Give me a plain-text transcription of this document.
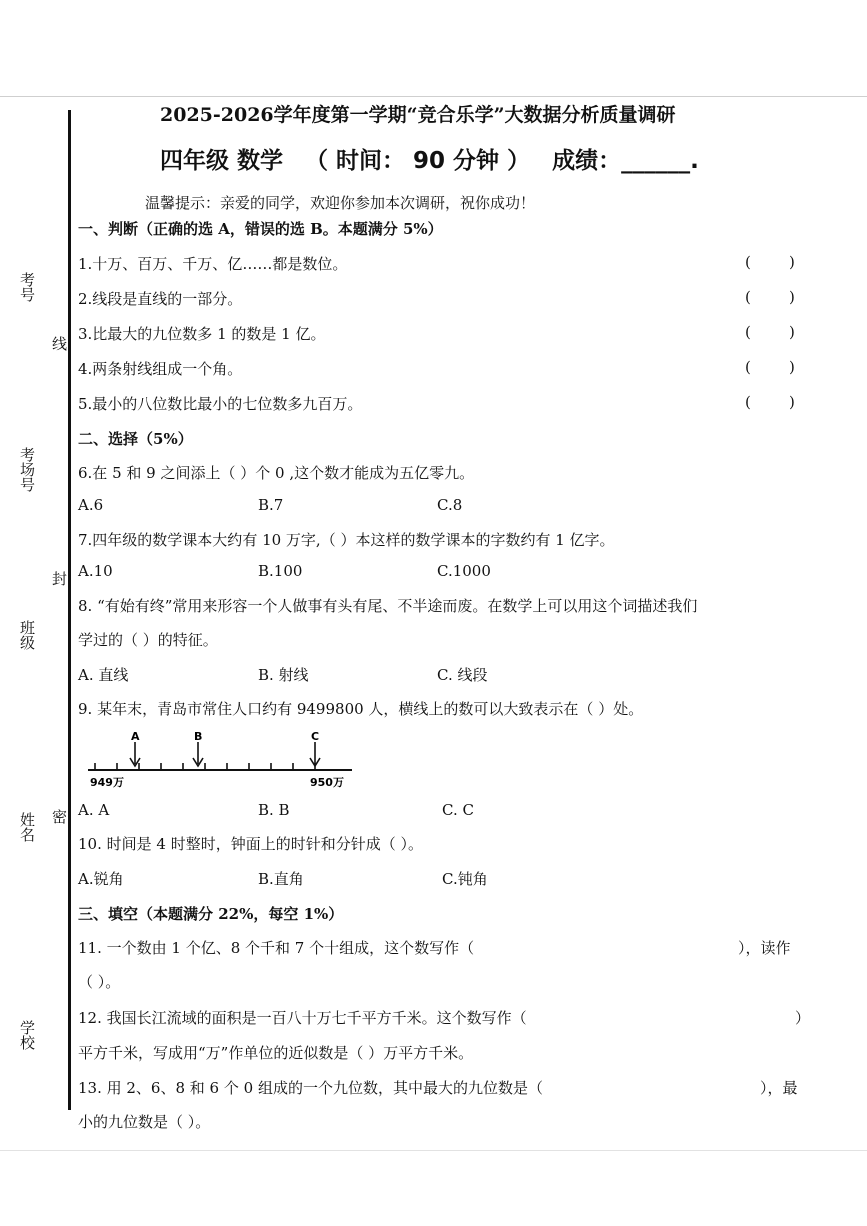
考号
考场号
班级
姓名
学校
线
封
密
2025-2026学年度第一学期“竞合乐学”大数据分析质量调研
四年级 数学 （ 时间： 90 分钟 ） 成绩：______.
温馨提示：亲爱的同学，欢迎你参加本次调研，祝你成功！
一、判断（正确的选 A，错误的选 B。本题满分 5%）
1.十万、百万、千万、亿……都是数位。
2.线段是直线的一部分。
3.比最大的九位数多 1 的数是 1 亿。
4.两条射线组成一个角。
5.最小的八位数比最小的七位数多九百万。
(        )
(        )
(        )
(        )
(        )
二、选择（5%）
6.在 5 和 9 之间添上（ ）个 0 ,这个数才能成为五亿零九。
A.6	B.7	C.8
7.四年级的数学课本大约有 10 万字,（ ）本这样的数学课本的字数约有 1 亿字。
A.10	B.100	C.1000
8. “有始有终”常用来形容一个人做事有头有尾、不半途而废。在数学上可以用这个词描述我们
学过的（ ）的特征。
A. 直线	B. 射线	C. 线段
9. 某年末，青岛市常住人口约有 9499800 人，横线上的数可以大致表示在（ ）处。
A	B	C
949万	950万
A. A	B. B	C. C
10. 时间是 4 时整时，钟面上的时针和分针成（ ）。
A.锐角	B.直角	C.钝角
三、填空（本题满分 22%，每空 1%）
11. 一个数由 1 个亿、8 个千和 7 个十组成，这个数写作（	），读作
（ ）。
12. 我国长江流域的面积是一百八十万七千平方千米。这个数写作（	）
平方千米，写成用“万”作单位的近似数是（ ）万平方千米。
13. 用 2、6、8 和 6 个 0 组成的一个九位数，其中最大的九位数是（	），最
小的九位数是（ ）。
